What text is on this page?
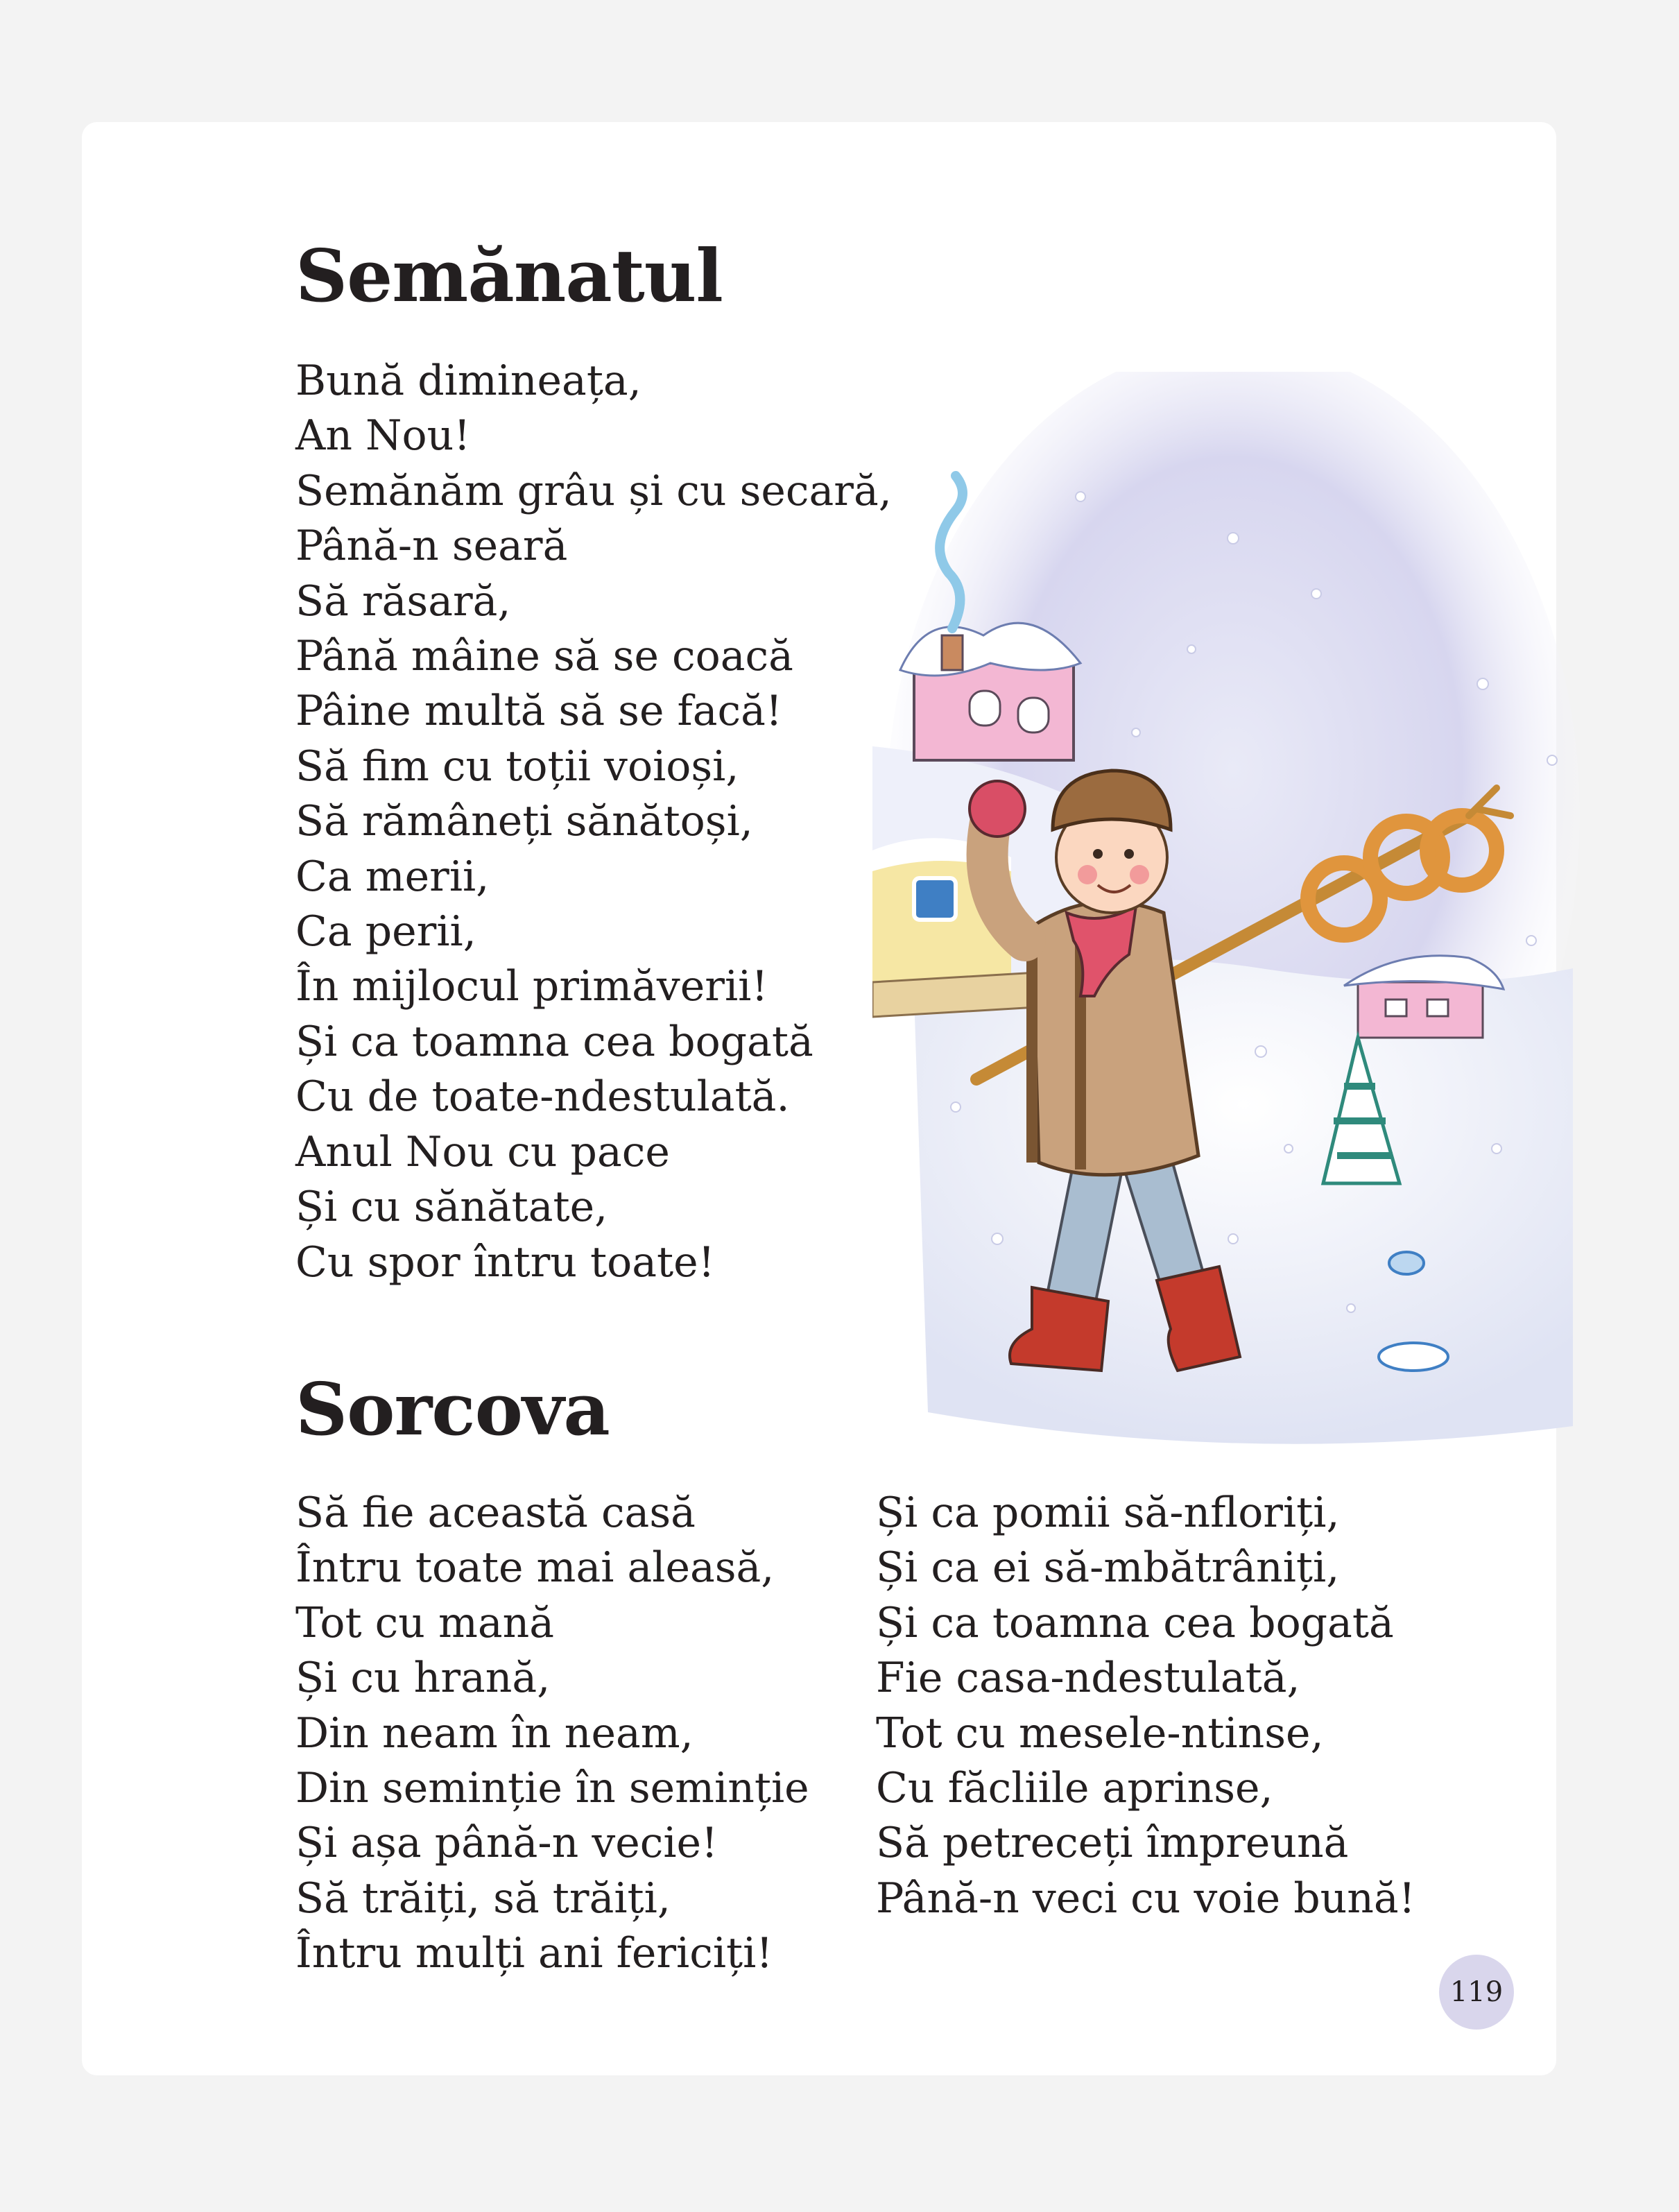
Semănatul
Bună dimineața,
An Nou!
Semănăm grâu și cu secară,
Până-n seară
Să răsară,
Până mâine să se coacă
Pâine multă să se facă!
Să fim cu toții voioși,
Să rămâneți sănătoși,
Ca merii,
Ca perii,
În mijlocul primăverii!
Și ca toamna cea bogată
Cu de toate-ndestulată.
Anul Nou cu pace
Și cu sănătate,
Cu spor întru toate!
Sorcova
Să fie această casă
Întru toate mai aleasă,
Tot cu mană
Și cu hrană,
Din neam în neam,
Din seminție în seminție
Și așa până-n vecie!
Să trăiți, să trăiți,
Întru mulți ani fericiți!
Și ca pomii să-nfloriți,
Și ca ei să-mbătrâniți,
Și ca toamna cea bogată
Fie casa-ndestulată,
Tot cu mesele-ntinse,
Cu făcliile aprinse,
Să petreceți împreună
Până-n veci cu voie bună!
119
